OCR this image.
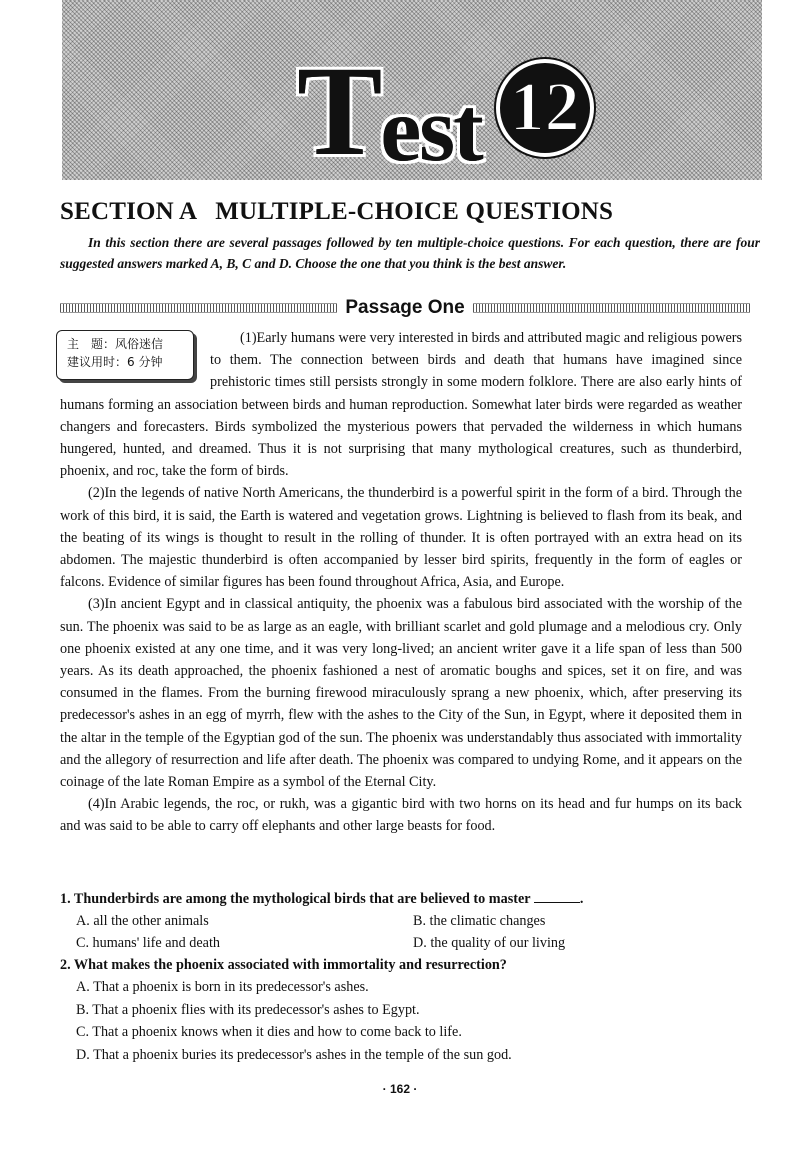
T est 12
SECTION A   MULTIPLE-CHOICE QUESTIONS
In this section there are several passages followed by ten multiple-choice questions. For each question, there are four suggested answers marked A, B, C and D. Choose the one that you think is the best answer.
Passage One
主　题：风俗迷信
建议用时：6 分钟

(1)Early humans were very interested in birds and attributed magic and religious powers to them. The connection between birds and death that humans have imagined since prehistoric times still persists strongly in some modern folklore. There are also early hints of humans forming an association between birds and human reproduction. Somewhat later birds were regarded as weather changers and forecasters. Birds symbolized the mysterious powers that pervaded the wilderness in which humans hungered, hunted, and dreamed. Thus it is not surprising that many mythological creatures, such as thunderbird, phoenix, and roc, take the form of birds.

(2)In the legends of native North Americans, the thunderbird is a powerful spirit in the form of a bird. Through the work of this bird, it is said, the Earth is watered and vegetation grows. Lightning is believed to flash from its beak, and the beating of its wings is thought to result in the rolling of thunder. It is often portrayed with an extra head on its abdomen. The majestic thunderbird is often accompanied by lesser bird spirits, frequently in the form of eagles or falcons. Evidence of similar figures has been found throughout Africa, Asia, and Europe.

(3)In ancient Egypt and in classical antiquity, the phoenix was a fabulous bird associated with the worship of the sun. The phoenix was said to be as large as an eagle, with brilliant scarlet and gold plumage and a melodious cry. Only one phoenix existed at any one time, and it was very long-lived; an ancient writer gave it a life span of less than 500 years. As its death approached, the phoenix fashioned a nest of aromatic boughs and spices, set it on fire, and was consumed in the flames. From the burning firewood miraculously sprang a new phoenix, which, after preserving its predecessor's ashes in an egg of myrrh, flew with the ashes to the City of the Sun, in Egypt, where it deposited them in the altar in the temple of the Egyptian god of the sun. The phoenix was understandably thus associated with immortality and the allegory of resurrection and life after death. The phoenix was compared to undying Rome, and it appears on the coinage of the late Roman Empire as a symbol of the Eternal City.

(4)In Arabic legends, the roc, or rukh, was a gigantic bird with two horns on its head and fur humps on its back and was said to be able to carry off elephants and other large beasts for food.

1. Thunderbirds are among the mythological birds that are believed to master	.
A. all the other animals	B. the climatic changes
C. humans' life and death	D. the quality of our living
2. What makes the phoenix associated with immortality and resurrection?
A. That a phoenix is born in its predecessor's ashes.
B. That a phoenix flies with its predecessor's ashes to Egypt.
C. That a phoenix knows when it dies and how to come back to life.
D. That a phoenix buries its predecessor's ashes in the temple of the sun god.
· 162 ·
